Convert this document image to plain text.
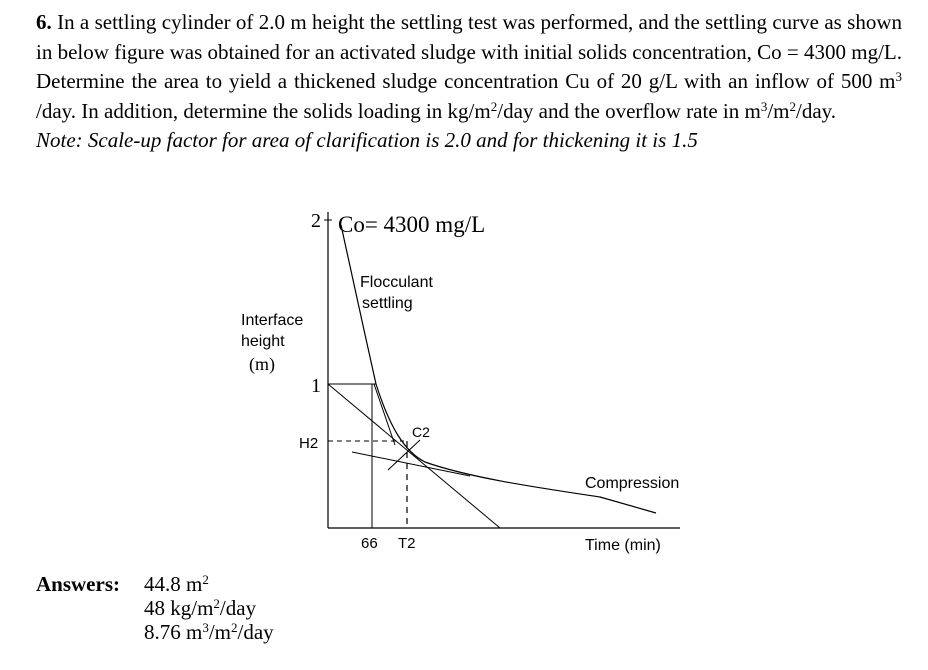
6. In a settling cylinder of 2.0 m height the settling test was performed, and the settling curve as shown in below figure was obtained for an activated sludge with initial solids concentration, Co = 4300 mg/L. Determine the area to yield a thickened sludge concentration Cu of 20 g/L with an inflow of 500 $m^3$ /day. In addition, determine the solids loading in $kg/m^2$/day and the overflow rate in $m^3/m^2$/day.

Note: Scale-up factor for area of clarification is 2.0 and for thickening it is 1.5

2 Co= 4300 mg/L
Flocculant
settling
Interface
height
(m)
1
H2
C2
Compression
66 T2	Time (min)
Answers: 44.8 $m^2$
48 $kg/m^2$/day
8.76 $m^3/m^2$/day
